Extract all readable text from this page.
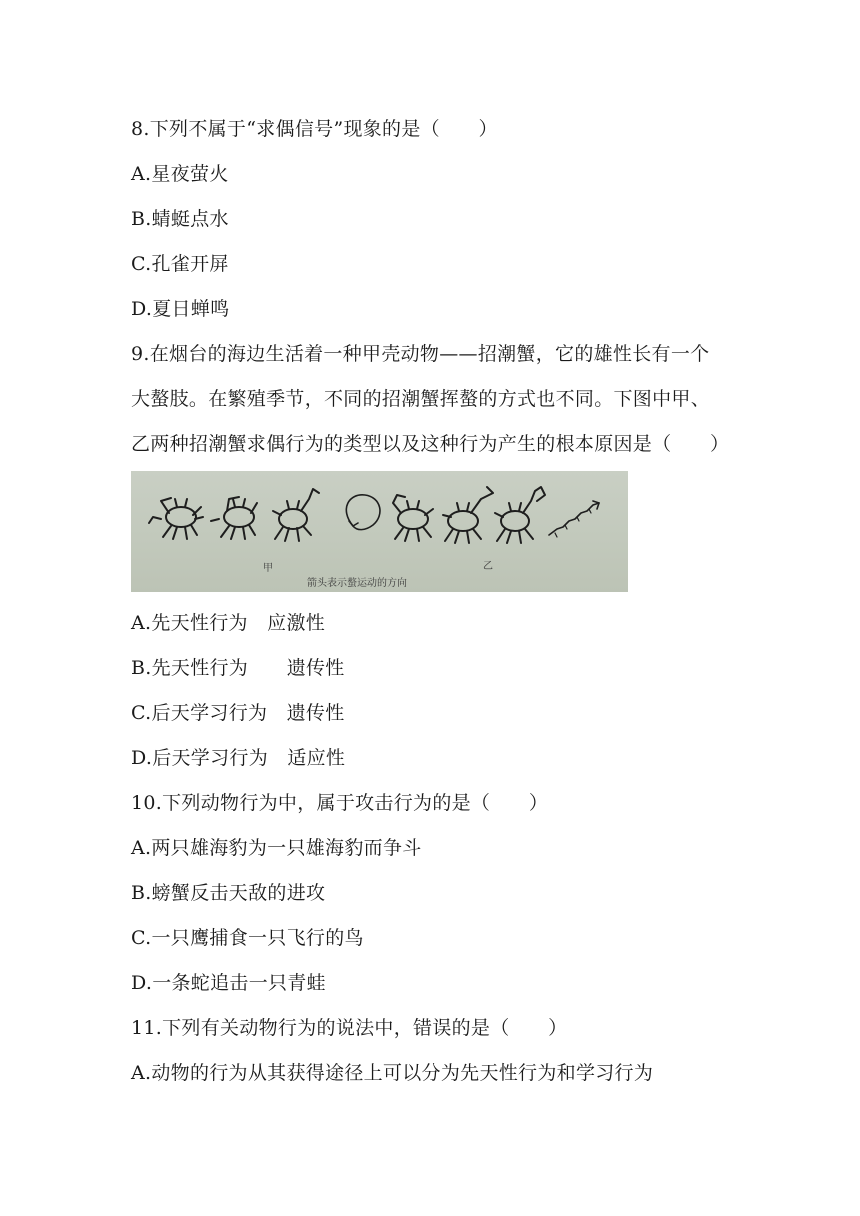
8.下列不属于“求偶信号”现象的是（　　）
A.星夜萤火
B.蜻蜓点水
C.孔雀开屏
D.夏日蝉鸣
9.在烟台的海边生活着一种甲壳动物——招潮蟹，它的雄性长有一个
大螯肢。在繁殖季节，不同的招潮蟹挥螯的方式也不同。下图中甲、
乙两种招潮蟹求偶行为的类型以及这种行为产生的根本原因是（　　）
甲	乙
箭头表示螯运动的方向
A.先天性行为　应激性
B.先天性行为　　遗传性
C.后天学习行为　遗传性
D.后天学习行为　适应性
10.下列动物行为中，属于攻击行为的是（　　）
A.两只雄海豹为一只雄海豹而争斗
B.螃蟹反击天敌的进攻
C.一只鹰捕食一只飞行的鸟
D.一条蛇追击一只青蛙
11.下列有关动物行为的说法中，错误的是（　　）
A.动物的行为从其获得途径上可以分为先天性行为和学习行为
